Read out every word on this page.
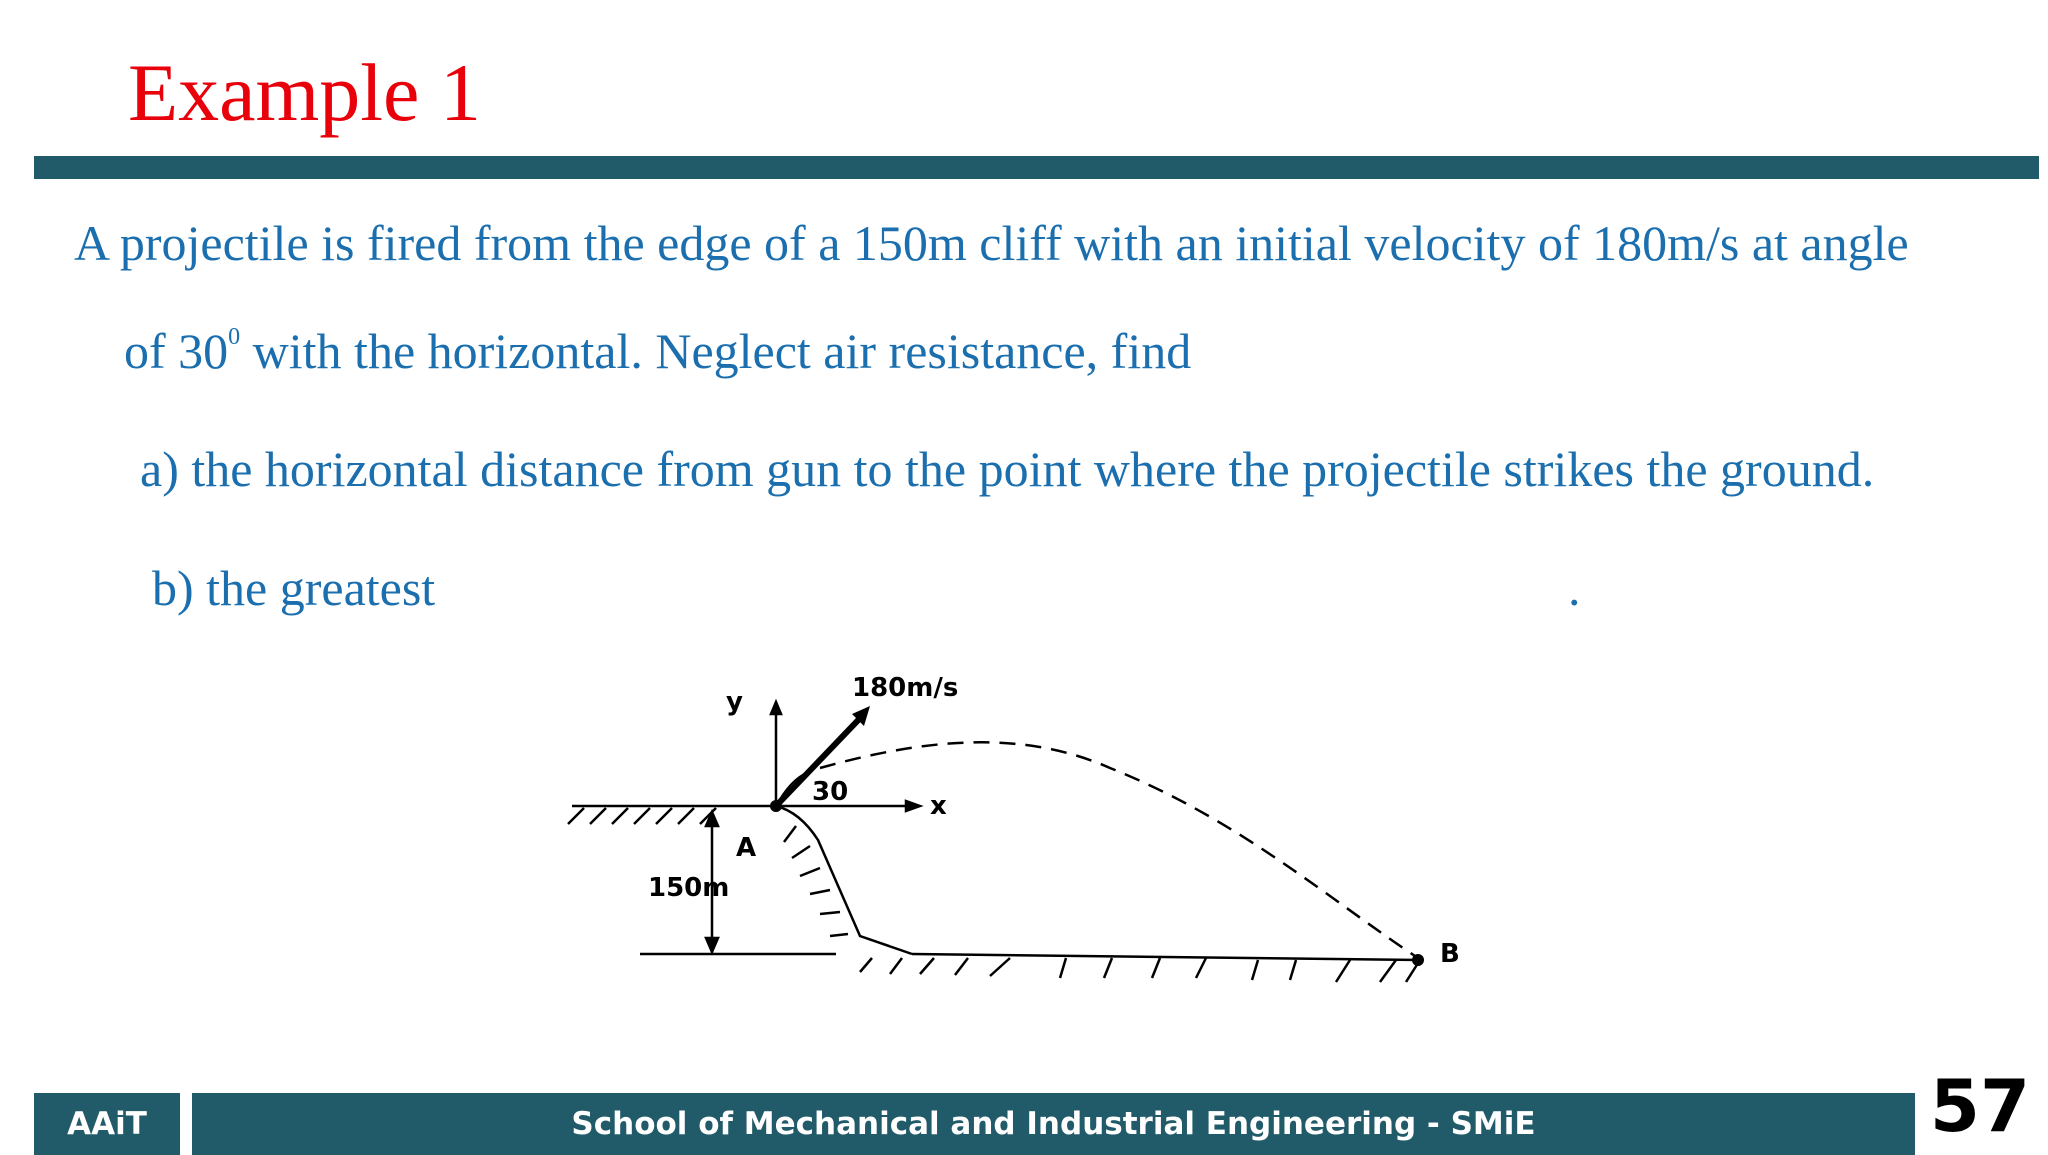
Example 1
A projectile is fired from the edge of a 150m cliff with an initial velocity of 180m/s at angle
of $30^0$ with the horizontal. Neglect air resistance, find
a) the horizontal distance from gun to the point where the projectile strikes the ground.
b) the greatest	.
180m/s
y
x
30
A
B
150m
AAiT	School of Mechanical and Industrial Engineering - SMiE	57
